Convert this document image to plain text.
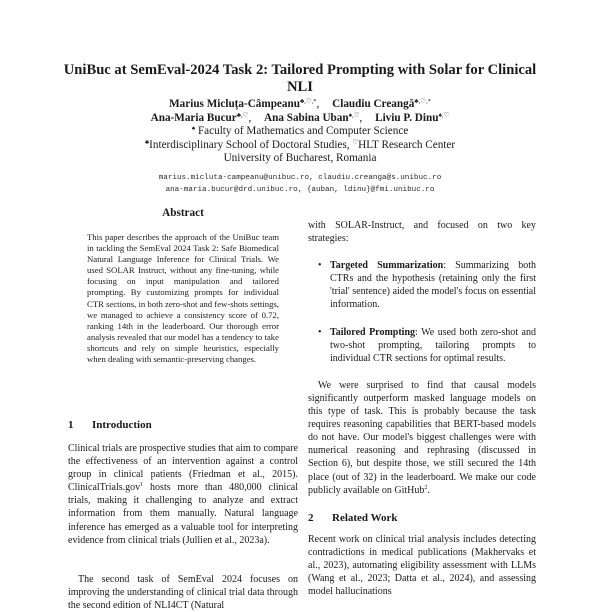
UniBuc at SemEval-2024 Task 2: Tailored Prompting with Solar for Clinical NLI
Marius Micluța-Câmpeanu♣,♡,*, Claudiu Creangă♣,♡,*
Ana-Maria Bucur♣,♡, Ana Sabina Uban♠,♡, Liviu P. Dinu♠,♡
♠ Faculty of Mathematics and Computer Science
♣Interdisciplinary School of Doctoral Studies, ♡HLT Research Center
University of Bucharest, Romania
marius.micluta-campeanu@unibuc.ro, claudiu.creanga@s.unibuc.ro
ana-maria.bucur@drd.unibuc.ro, {auban, ldinu}@fmi.unibuc.ro
Abstract
This paper describes the approach of the UniBuc team in tackling the SemEval 2024 Task 2: Safe Biomedical Natural Language Inference for Clinical Trials. We used SOLAR Instruct, without any fine-tuning, while focusing on input manipulation and tailored prompting. By customizing prompts for individual CTR sections, in both zero-shot and few-shots settings, we managed to achieve a consistency score of 0.72, ranking 14th in the leaderboard. Our thorough error analysis revealed that our model has a tendency to take shortcuts and rely on simple heuristics, especially when dealing with semantic-preserving changes.
1 Introduction

Clinical trials are prospective studies that aim to compare the effectiveness of an intervention against a control group in clinical patients (Friedman et al., 2015). ClinicalTrials.gov$^1$ hosts more than 480,000 clinical trials, making it challenging to analyze and extract information from them manually. Natural language inference has emerged as a valuable tool for interpreting evidence from clinical trials (Jullien et al., 2023a).

The second task of SemEval 2024 focuses on improving the understanding of clinical trial data through the second edition of NLI4CT (Natural

with SOLAR-Instruct, and focused on two key strategies:

• Targeted Summarization: Summarizing both CTRs and the hypothesis (retaining only the first 'trial' sentence) aided the model's focus on essential information.
• Tailored Prompting: We used both zero-shot and two-shot prompting, tailoring prompts to individual CTR sections for optimal results.

We were surprised to find that causal models significantly outperform masked language models on this type of task. This is probably because the task requires reasoning capabilities that BERT-based models do not have. Our model's biggest challenges were with numerical reasoning and rephrasing (discussed in Section 6), but despite those, we still secured the 14th place (out of 32) in the leaderboard. We make our code publicly available on GitHub$^2$.

2 Related Work

Recent work on clinical trial analysis includes detecting contradictions in medical publications (Makhervaks et al., 2023), automating eligibility assessment with LLMs (Wang et al., 2023; Datta et al., 2024), and assessing model hallucinations
